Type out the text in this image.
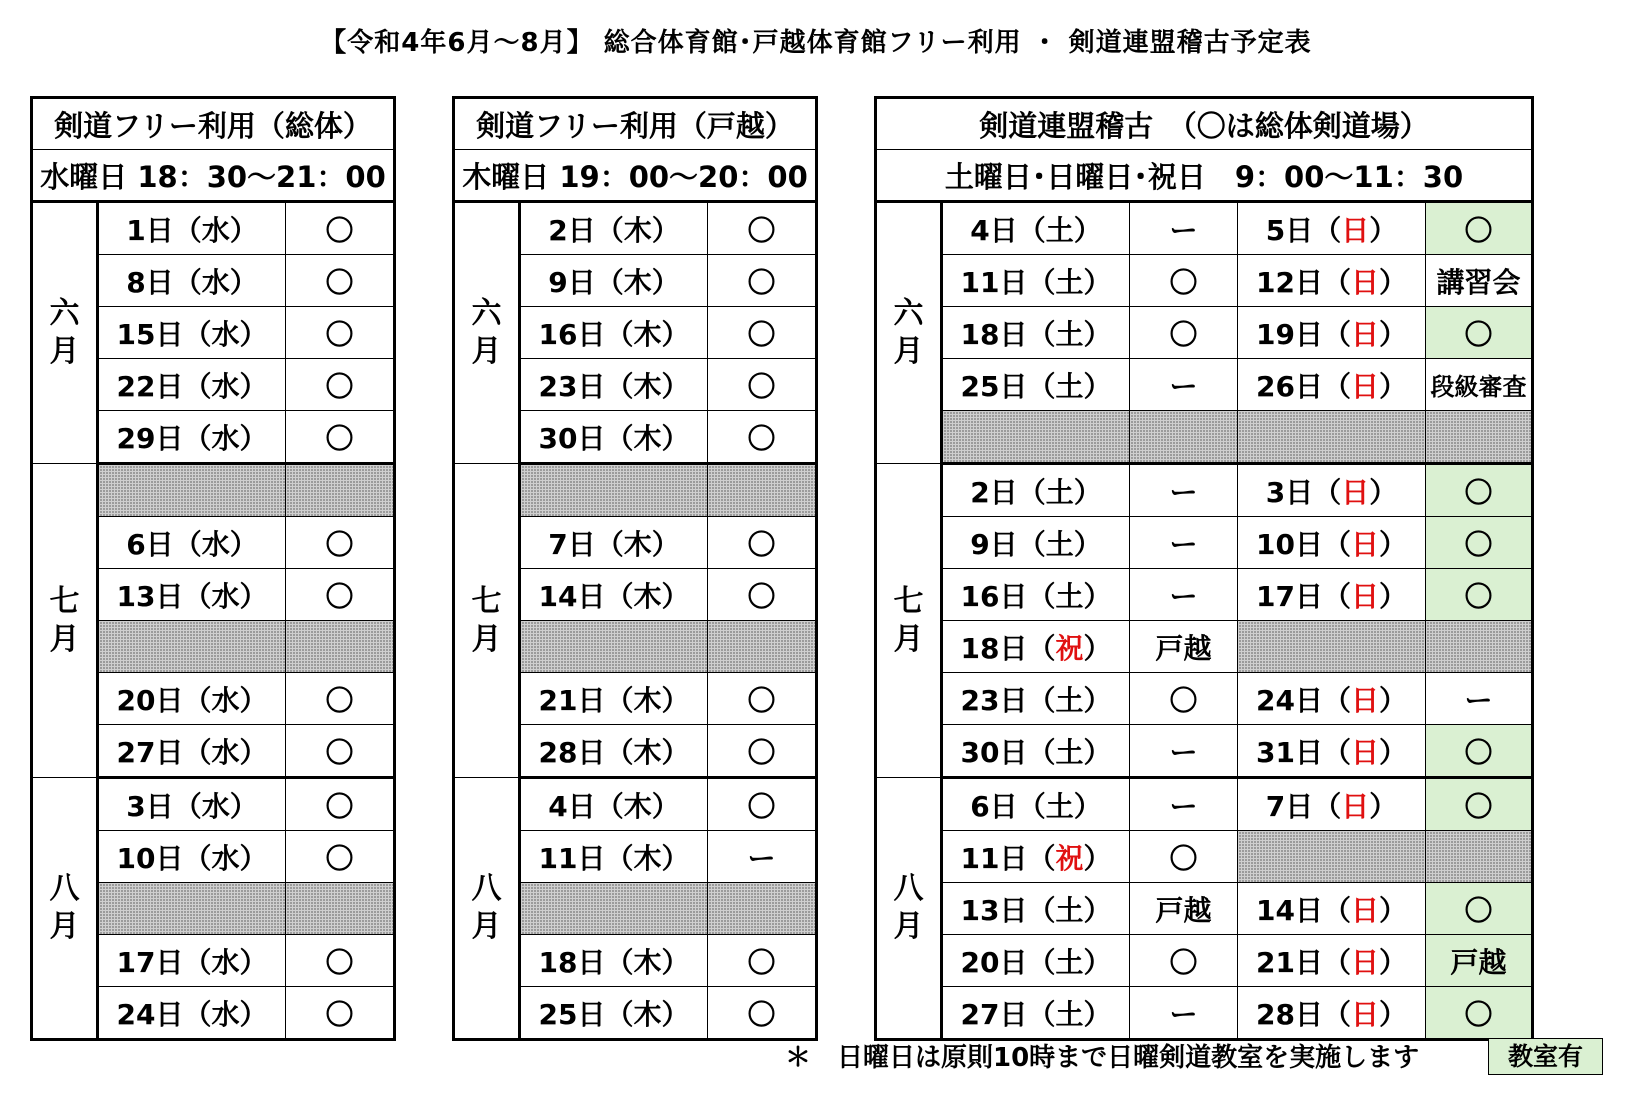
【令和4年6月～8月】 総合体育館･戸越体育館フリー利用 ・ 剣道連盟稽古予定表
剣道フリー利用（総体）		
水曜日 18：30～21：00		

六
月	1日（水）	〇
	8日（水）	〇
	15日（水）	〇
	22日（水）	〇
	29日（水）	〇

七
月		

	6日（水）	〇
	13日（水）	〇

	20日（水）	〇
	27日（水）	〇

八
月	3日（水）	〇
	10日（水）	〇

	17日（水）	〇
	24日（水）	〇
剣道フリー利用（戸越）		
木曜日 19：00～20：00		

六
月	2日（木）	〇
	9日（木）	〇
	16日（木）	〇
	23日（木）	〇
	30日（木）	〇

七
月		

	7日（木）	〇
	14日（木）	〇

	21日（木）	〇
	28日（木）	〇

八
月	4日（木）	〇
	11日（木）	ー

	18日（木）	〇
	25日（木）	〇
剣道連盟稽古　（〇は総体剣道場）				
土曜日･日曜日･祝日　9：00～11：30				

六
月	4日（土）	ー	5日（日）	〇
	11日（土）	〇	12日（日）	講習会
	18日（土）	〇	19日（日）	〇
	25日（土）	ー	26日（日）	段級審査

七
月	2日（土）	ー	3日（日）	〇
	9日（土）	ー	10日（日）	〇
	16日（土）	ー	17日（日）	〇
	18日（祝）	戸越		
	23日（土）	〇	24日（日）	ー
	30日（土）	ー	31日（日）	〇

八
月	6日（土）	ー	7日（日）	〇
	11日（祝）	〇		
	13日（土）	戸越	14日（日）	〇
	20日（土）	〇	21日（日）	戸越
	27日（土）	ー	28日（日）	〇
＊　日曜日は原則10時まで日曜剣道教室を実施します	教室有
